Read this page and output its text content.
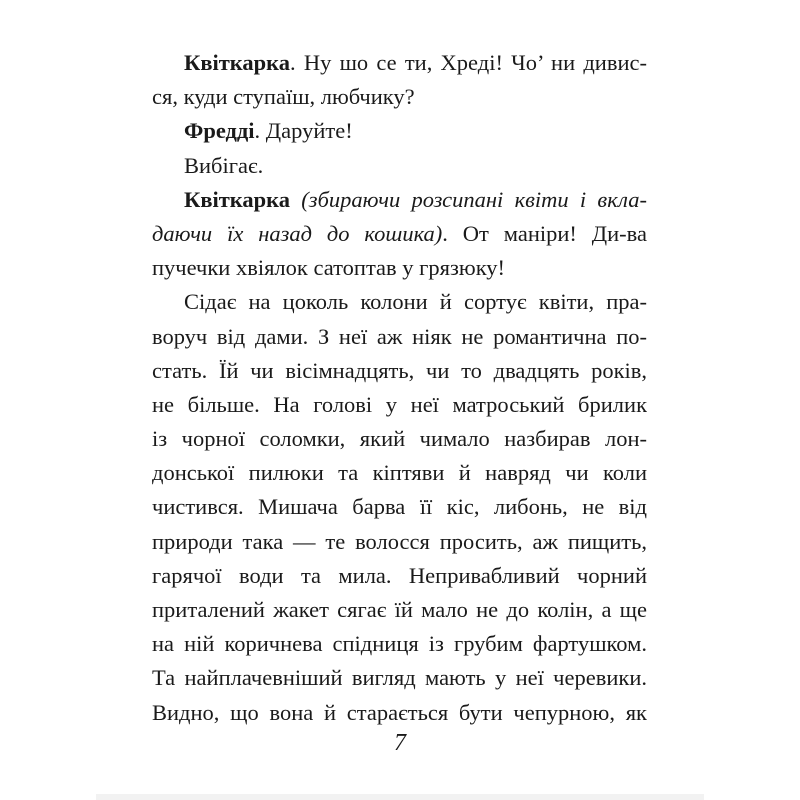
Квіткарка. Ну шо се ти, Хреді! Чо’ ни дивис-
ся, куди ступаїш, любчику?
Фредді. Даруйте!
Вибігає.
Квіткарка (збираючи розсипані квіти і вкла-
даючи їх назад до кошика). От маніри! Ди-ва
пучечки хвіялок сатоптав у грязюку!
Сідає на цоколь колони й сортує квіти, пра-
воруч від дами. З неї аж ніяк не романтична по-
стать. Їй чи вісімнадцять, чи то двадцять років,
не більше. На голові у неї матроський брилик
із чорної соломки, який чимало назбирав лон-
донської пилюки та кіптяви й навряд чи коли
чистився. Мишача барва її кіс, либонь, не від
природи така — те волосся просить, аж пищить,
гарячої води та мила. Непривабливий чорний
приталений жакет сягає їй мало не до колін, а ще
на ній коричнева спідниця із грубим фартушком.
Та найплачевніший вигляд мають у неї черевики.
Видно, що вона й старається бути чепурною, як
7
